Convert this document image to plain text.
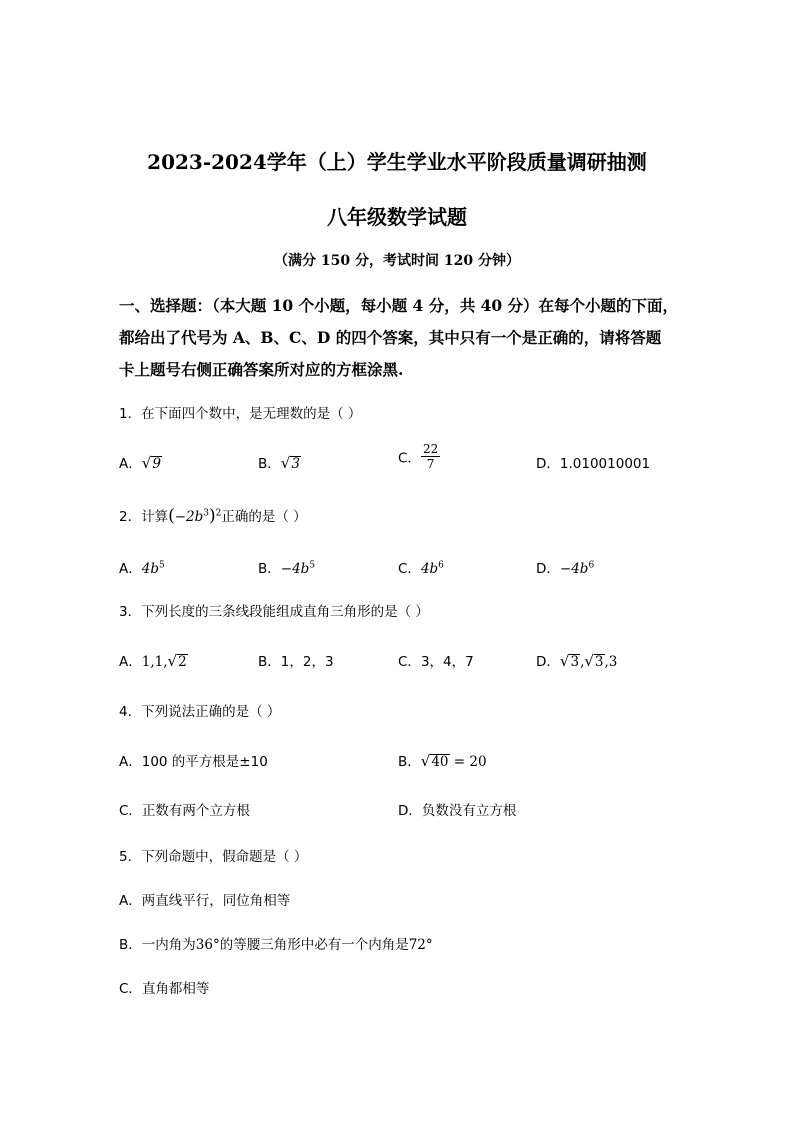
2023-2024学年（上）学生学业水平阶段质量调研抽测
八年级数学试题
（满分 150 分，考试时间 120 分钟）
一、选择题：（本大题 10 个小题，每小题 4 分，共 40 分）在每个小题的下面，
都给出了代号为 A、B、C、D 的四个答案，其中只有一个是正确的，请将答题
卡上题号右侧正确答案所对应的方框涂黑.
1．在下面四个数中，是无理数的是（ ）
A．√9	B．√3	C． $\frac{22}{7}$	D．1.010010001
2．计算$(-2b^3)^2$正确的是（ ）
A．$4b^5$	B．$-4b^5$	C．$4b^6$	D．$-4b^6$
3．下列长度的三条线段能组成直角三角形的是（ ）
A．1,1,√2	B．1，2，3	C．3，4，7	D．√3,√3,3
4．下列说法正确的是（ ）
A．100 的平方根是±10	B．√40 = 20
C．正数有两个立方根	D．负数没有立方根
5．下列命题中，假命题是（ ）
A．两直线平行，同位角相等
B．一内角为36°的等腰三角形中必有一个内角是72°
C．直角都相等
